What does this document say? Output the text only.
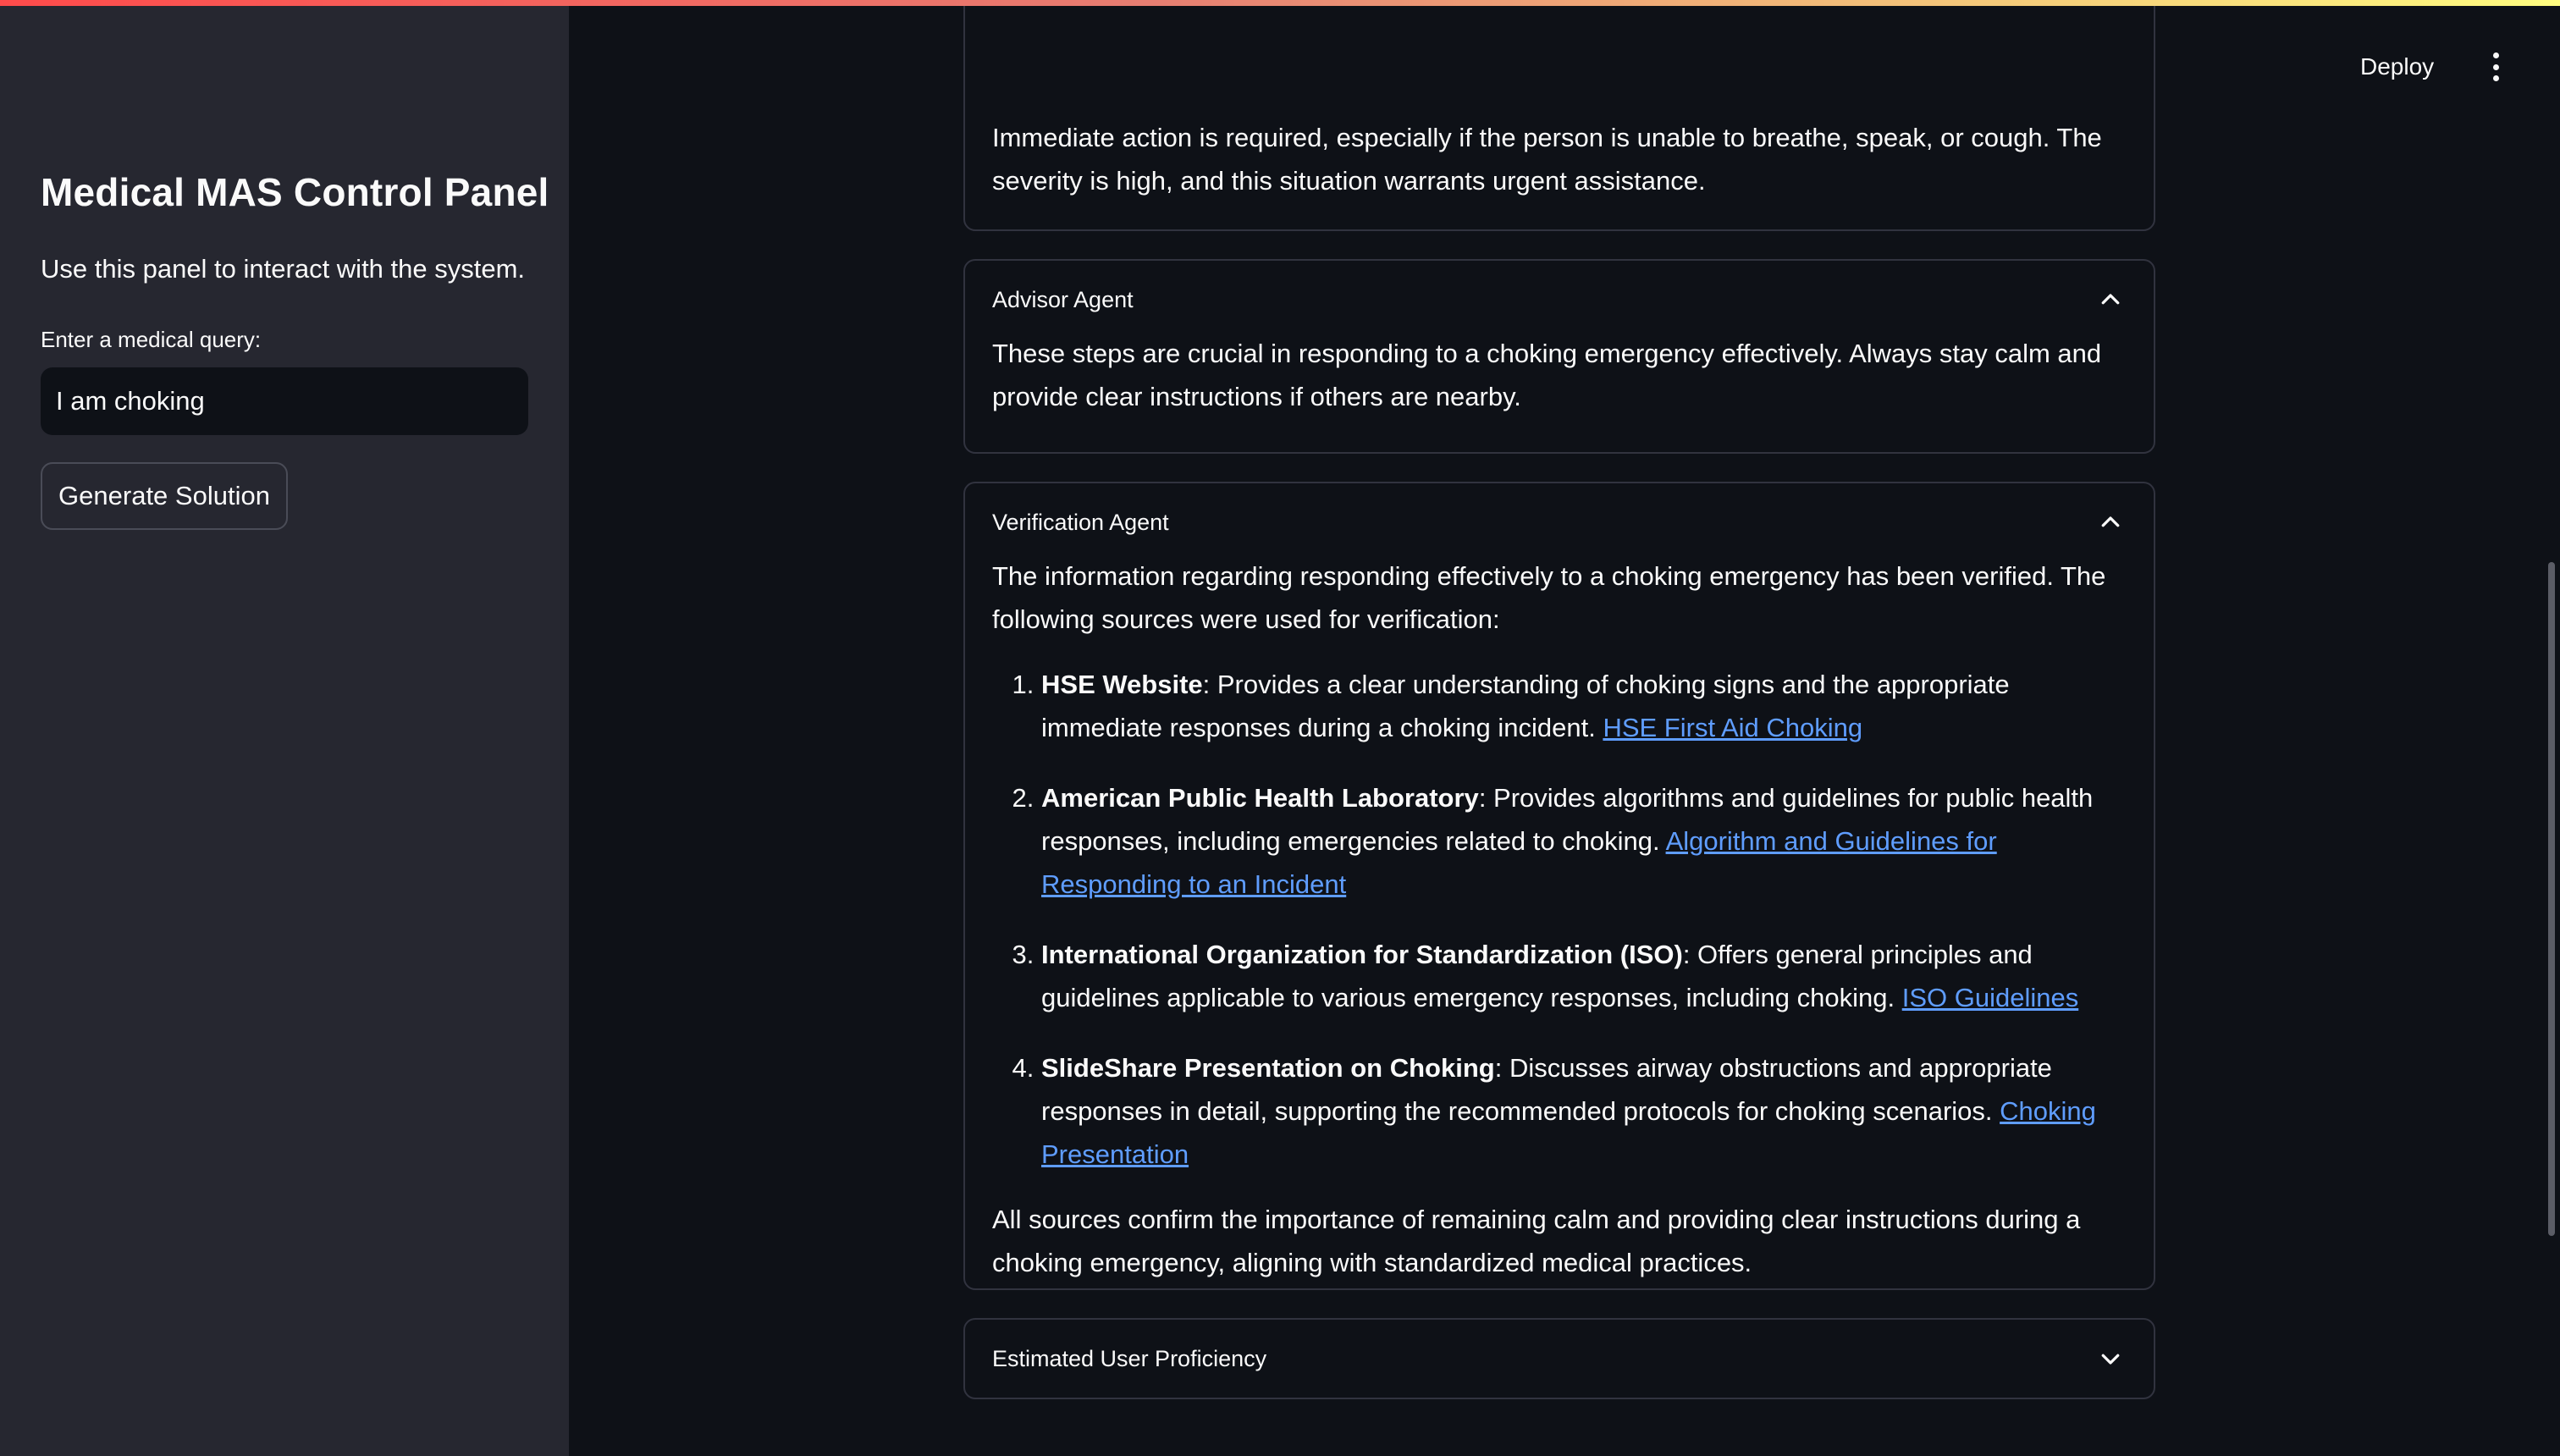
Medical MAS Control Panel
Use this panel to interact with the system.
Enter a medical query:
I am choking
Generate Solution
Deploy

Immediate action is required, especially if the person is unable to breathe, speak, or cough. The severity is high, and this situation warrants urgent assistance.

Advisor Agent

These steps are crucial in responding to a choking emergency effectively. Always stay calm and provide clear instructions if others are nearby.

Verification Agent

The information regarding responding effectively to a choking emergency has been verified. The following sources were used for verification:

1. HSE Website: Provides a clear understanding of choking signs and the appropriate immediate responses during a choking incident. HSE First Aid Choking
2. American Public Health Laboratory: Provides algorithms and guidelines for public health responses, including emergencies related to choking. Algorithm and Guidelines for Responding to an Incident
3. International Organization for Standardization (ISO): Offers general principles and guidelines applicable to various emergency responses, including choking. ISO Guidelines
4. SlideShare Presentation on Choking: Discusses airway obstructions and appropriate responses in detail, supporting the recommended protocols for choking scenarios. Choking Presentation

All sources confirm the importance of remaining calm and providing clear instructions during a choking emergency, aligning with standardized medical practices.

Estimated User Proficiency
